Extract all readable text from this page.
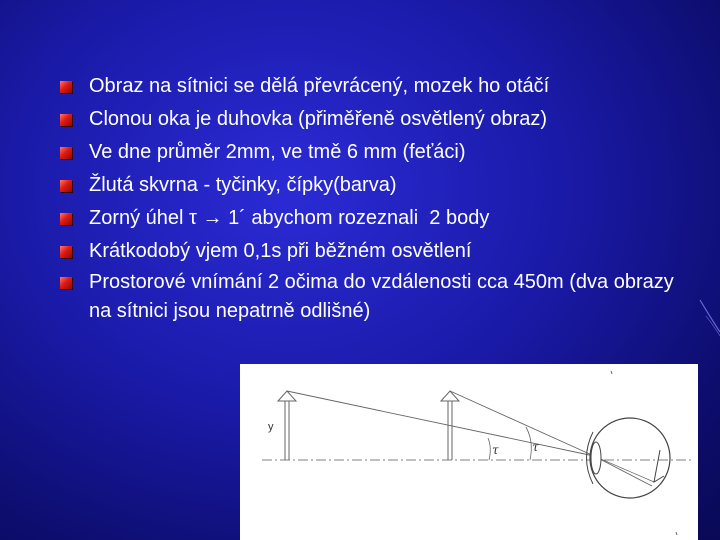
Obraz na sítnici se dělá převrácený, mozek ho otáčí
Clonou oka je duhovka (přiměřeně osvětlený obraz)
Ve dne průměr 2mm, ve tmě 6 mm (feťáci)
Žlutá skvrna - tyčinky, čípky(barva)
Zorný úhel τ → 1´ abychom rozeznali  2 body
Krátkodobý vjem 0,1s při běžném osvětlení
Prostorové vnímání 2 očima do vzdálenosti cca 450m (dva obrazy na sítnici jsou nepatrně odlišné)
y
τ	τ
